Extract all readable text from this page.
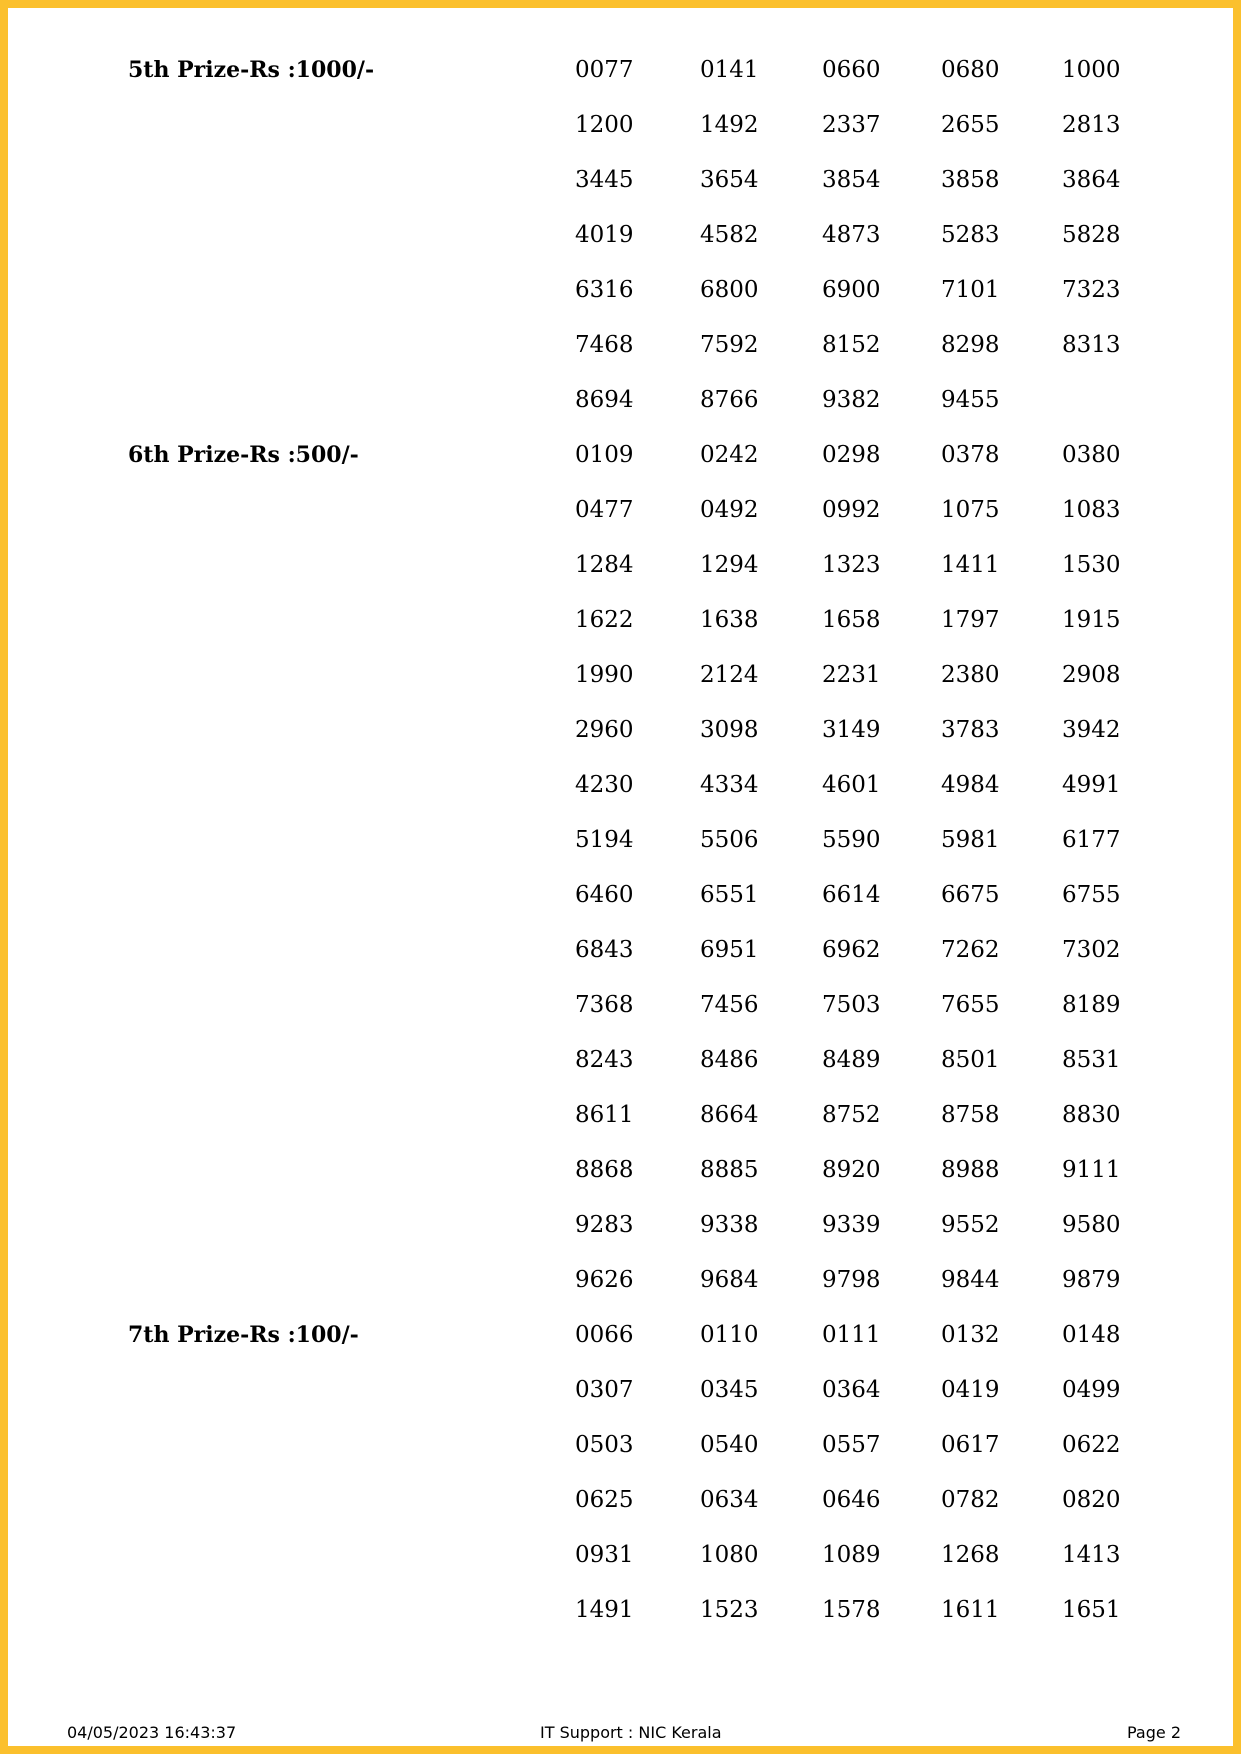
5th Prize-Rs :1000/-	0077	0141	0660	0680	1000
1200	1492	2337	2655	2813
3445	3654	3854	3858	3864
4019	4582	4873	5283	5828
6316	6800	6900	7101	7323
7468	7592	8152	8298	8313
8694	8766	9382	9455
6th Prize-Rs :500/-	0109	0242	0298	0378	0380
0477	0492	0992	1075	1083
1284	1294	1323	1411	1530
1622	1638	1658	1797	1915
1990	2124	2231	2380	2908
2960	3098	3149	3783	3942
4230	4334	4601	4984	4991
5194	5506	5590	5981	6177
6460	6551	6614	6675	6755
6843	6951	6962	7262	7302
7368	7456	7503	7655	8189
8243	8486	8489	8501	8531
8611	8664	8752	8758	8830
8868	8885	8920	8988	9111
9283	9338	9339	9552	9580
9626	9684	9798	9844	9879
7th Prize-Rs :100/-	0066	0110	0111	0132	0148
0307	0345	0364	0419	0499
0503	0540	0557	0617	0622
0625	0634	0646	0782	0820
0931	1080	1089	1268	1413
1491	1523	1578	1611	1651
04/05/2023 16:43:37	IT Support : NIC Kerala	Page 2
